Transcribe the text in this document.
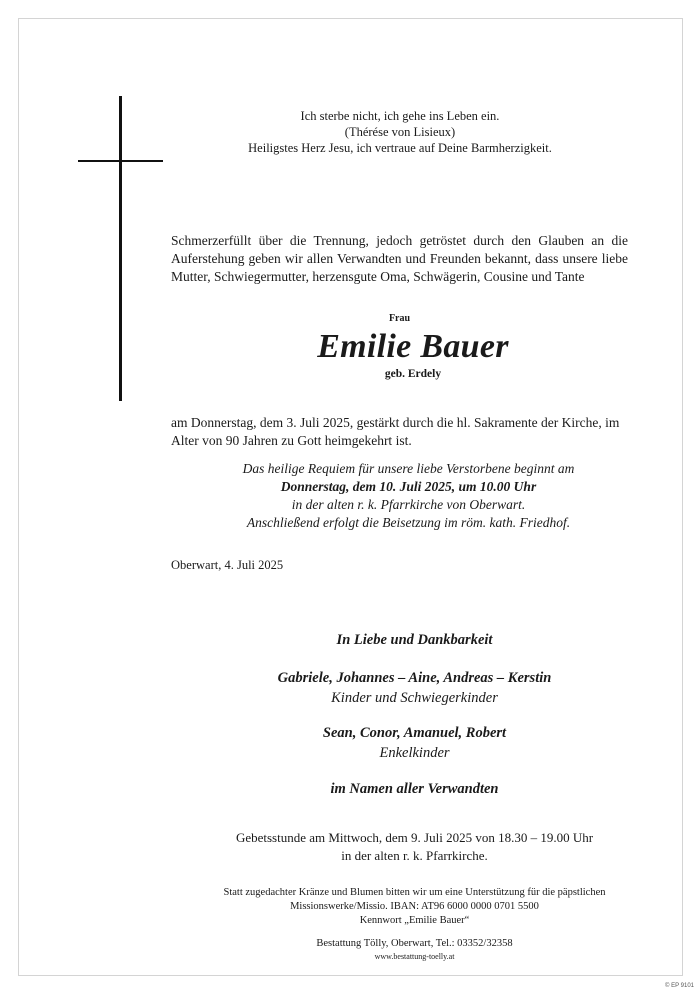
Ich sterbe nicht, ich gehe ins Leben ein.
(Thérése von Lisieux)
Heiligstes Herz Jesu, ich vertraue auf Deine Barmherzigkeit.
Schmerzerfüllt über die Trennung, jedoch getröstet durch den Glauben an die Auferstehung geben wir allen Verwandten und Freunden bekannt, dass unsere liebe Mutter, Schwiegermutter, herzensgute Oma, Schwägerin, Cousine und Tante
Frau
Emilie Bauer
geb. Erdely
am Donnerstag, dem 3. Juli 2025, gestärkt durch die hl. Sakramente der Kirche, im Alter von 90 Jahren zu Gott heimgekehrt ist.
Das heilige Requiem für unsere liebe Verstorbene beginnt am
Donnerstag, dem 10. Juli 2025, um 10.00 Uhr
in der alten r. k. Pfarrkirche von Oberwart.
Anschließend erfolgt die Beisetzung im röm. kath. Friedhof.
Oberwart, 4. Juli 2025
In Liebe und Dankbarkeit
Gabriele, Johannes – Aine, Andreas – Kerstin
Kinder und Schwiegerkinder
Sean, Conor, Amanuel, Robert
Enkelkinder
im Namen aller Verwandten
Gebetsstunde am Mittwoch, dem 9. Juli 2025 von 18.30 – 19.00 Uhr
in der alten r. k. Pfarrkirche.
Statt zugedachter Kränze und Blumen bitten wir um eine Unterstützung für die päpstlichen
Missionswerke/Missio. IBAN: AT96 6000 0000 0701 5500
Kennwort „Emilie Bauer“
Bestattung Tölly, Oberwart, Tel.: 03352/32358
www.bestattung-toelly.at
© EP 9101
